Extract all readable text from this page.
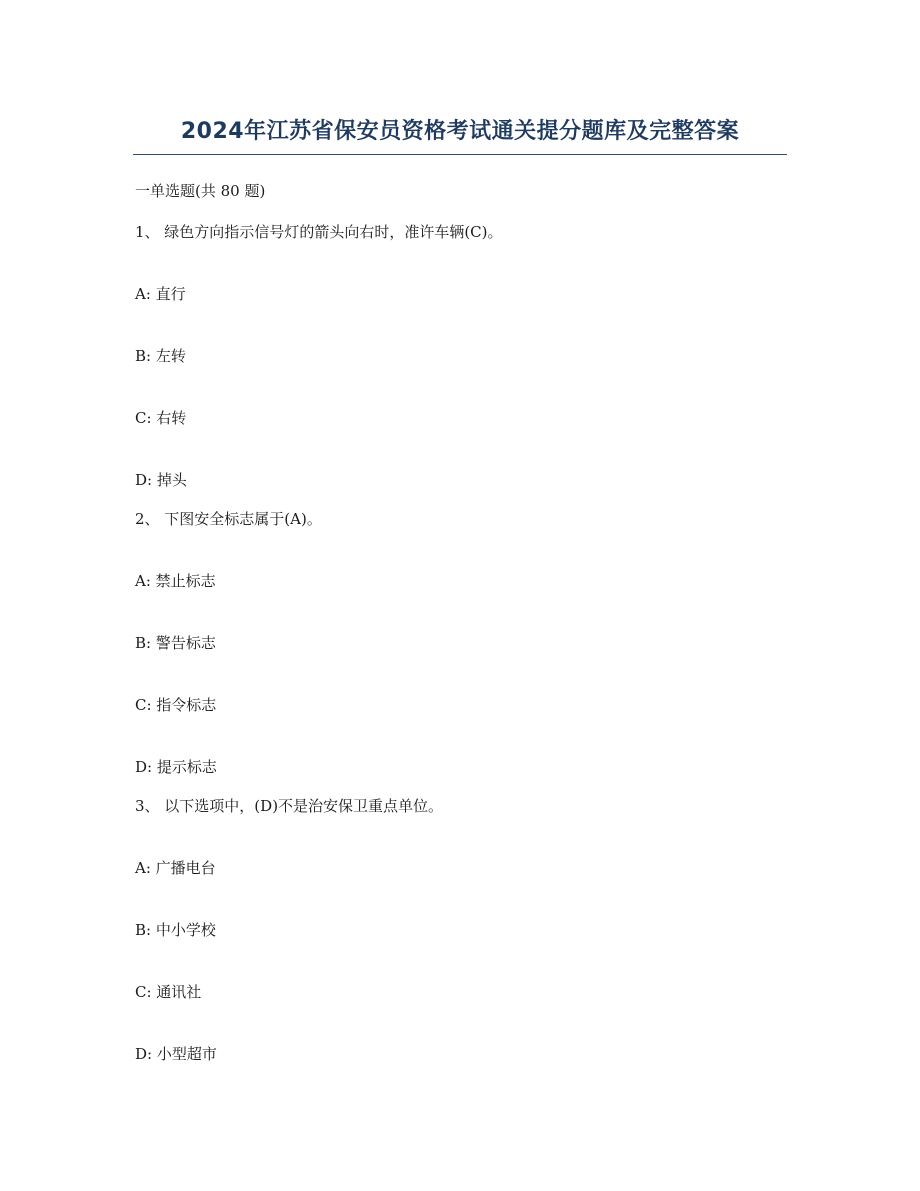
2024年江苏省保安员资格考试通关提分题库及完整答案
一单选题(共 80 题)
1、 绿色方向指示信号灯的箭头向右时，准许车辆(C)。
A: 直行
B: 左转
C: 右转
D: 掉头
2、 下图安全标志属于(A)。
A: 禁止标志
B: 警告标志
C: 指令标志
D: 提示标志
3、 以下选项中，(D)不是治安保卫重点单位。
A: 广播电台
B: 中小学校
C: 通讯社
D: 小型超市
